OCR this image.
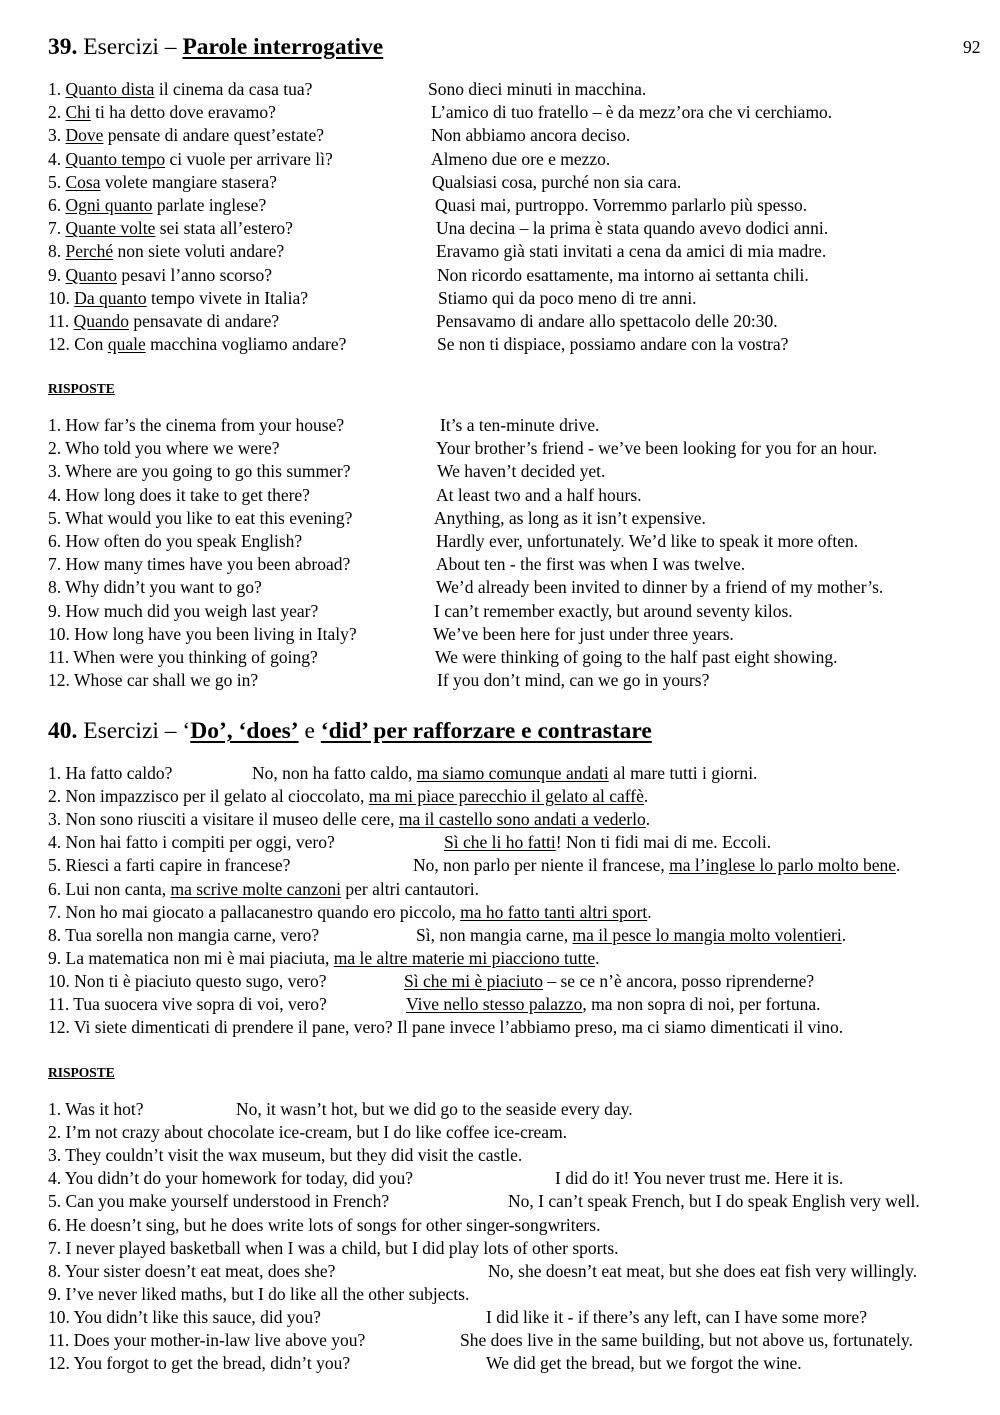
39. Esercizi – Parole interrogative	92
1. Quanto dista il cinema da casa tua?	Sono dieci minuti in macchina.
2. Chi ti ha detto dove eravamo?	L’amico di tuo fratello – è da mezz’ora che vi cerchiamo.
3. Dove pensate di andare quest’estate?	Non abbiamo ancora deciso.
4. Quanto tempo ci vuole per arrivare lì?	Almeno due ore e mezzo.
5. Cosa volete mangiare stasera?	Qualsiasi cosa, purché non sia cara.
6. Ogni quanto parlate inglese?	Quasi mai, purtroppo. Vorremmo parlarlo più spesso.
7. Quante volte sei stata all’estero?	Una decina – la prima è stata quando avevo dodici anni.
8. Perché non siete voluti andare?	Eravamo già stati invitati a cena da amici di mia madre.
9. Quanto pesavi l’anno scorso?	Non ricordo esattamente, ma intorno ai settanta chili.
10. Da quanto tempo vivete in Italia?	Stiamo qui da poco meno di tre anni.
11. Quando pensavate di andare?	Pensavamo di andare allo spettacolo delle 20:30.
12. Con quale macchina vogliamo andare?	Se non ti dispiace, possiamo andare con la vostra?
RISPOSTE
1. How far’s the cinema from your house?	It’s a ten-minute drive.
2. Who told you where we were?	Your brother’s friend - we’ve been looking for you for an hour.
3. Where are you going to go this summer?	We haven’t decided yet.
4. How long does it take to get there?	At least two and a half hours.
5. What would you like to eat this evening?	Anything, as long as it isn’t expensive.
6. How often do you speak English?	Hardly ever, unfortunately. We’d like to speak it more often.
7. How many times have you been abroad?	About ten - the first was when I was twelve.
8. Why didn’t you want to go?	We’d already been invited to dinner by a friend of my mother’s.
9. How much did you weigh last year?	I can’t remember exactly, but around seventy kilos.
10. How long have you been living in Italy?	We’ve been here for just under three years.
11. When were you thinking of going?	We were thinking of going to the half past eight showing.
12. Whose car shall we go in?	If you don’t mind, can we go in yours?
40. Esercizi – ‘Do’, ‘does’ e ‘did’ per rafforzare e contrastare
1. Ha fatto caldo?	No, non ha fatto caldo, ma siamo comunque andati al mare tutti i giorni.
2. Non impazzisco per il gelato al cioccolato, ma mi piace parecchio il gelato al caffè.
3. Non sono riusciti a visitare il museo delle cere, ma il castello sono andati a vederlo.
4. Non hai fatto i compiti per oggi, vero?	Sì che li ho fatti! Non ti fidi mai di me. Eccoli.
5. Riesci a farti capire in francese?	No, non parlo per niente il francese, ma l’inglese lo parlo molto bene.
6. Lui non canta, ma scrive molte canzoni per altri cantautori.
7. Non ho mai giocato a pallacanestro quando ero piccolo, ma ho fatto tanti altri sport.
8. Tua sorella non mangia carne, vero?	Sì, non mangia carne, ma il pesce lo mangia molto volentieri.
9. La matematica non mi è mai piaciuta, ma le altre materie mi piacciono tutte.
10. Non ti è piaciuto questo sugo, vero?	Sì che mi è piaciuto – se ce n’è ancora, posso riprenderne?
11. Tua suocera vive sopra di voi, vero?	Vive nello stesso palazzo, ma non sopra di noi, per fortuna.
12. Vi siete dimenticati di prendere il pane, vero? Il pane invece l’abbiamo preso, ma ci siamo dimenticati il vino.
RISPOSTE
1. Was it hot?	No, it wasn’t hot, but we did go to the seaside every day.
2. I’m not crazy about chocolate ice-cream, but I do like coffee ice-cream.
3. They couldn’t visit the wax museum, but they did visit the castle.
4. You didn’t do your homework for today, did you?	I did do it! You never trust me. Here it is.
5. Can you make yourself understood in French?	No, I can’t speak French, but I do speak English very well.
6. He doesn’t sing, but he does write lots of songs for other singer-songwriters.
7. I never played basketball when I was a child, but I did play lots of other sports.
8. Your sister doesn’t eat meat, does she?	No, she doesn’t eat meat, but she does eat fish very willingly.
9. I’ve never liked maths, but I do like all the other subjects.
10. You didn’t like this sauce, did you?	I did like it - if there’s any left, can I have some more?
11. Does your mother-in-law live above you?	She does live in the same building, but not above us, fortunately.
12. You forgot to get the bread, didn’t you?	We did get the bread, but we forgot the wine.
